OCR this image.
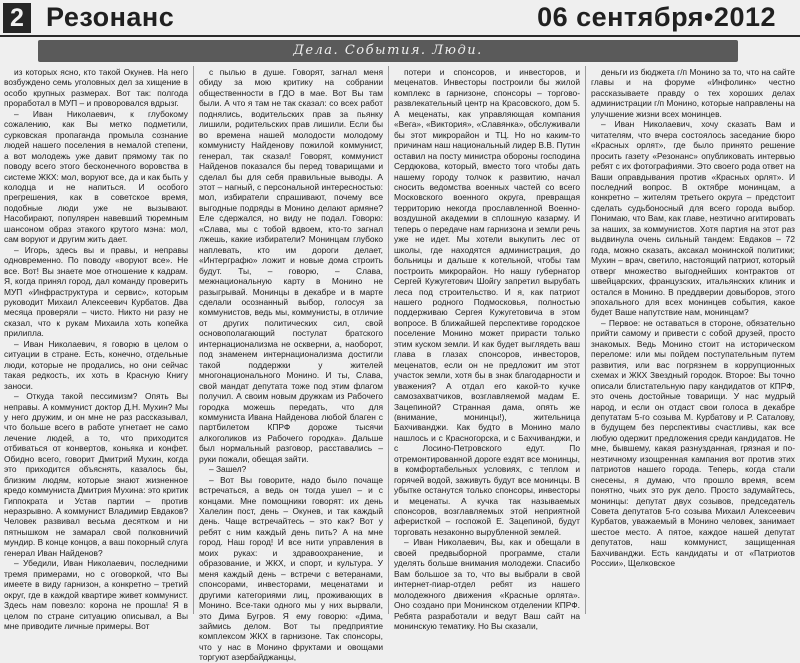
2 Резонанс	06 сентября•2012
Дела. События. Люди.

из которых ясно, кто такой Окунев. На него возбуждено семь уголовных дел за хищение в особо крупных размерах. Вот так: полгода проработал в МУП – и проворовался вдрызг.

– Иван Николаевич, к глубокому сожалению, как Вы метко подметили, сурковская пропаганда промыла сознание людей нашего поселения в немалой степени, а вот молодежь уже давит прямому так по поводу всего этого бесконечного воровства в системе ЖКХ: мол, воруют все, да и как быть у колодца и не напиться. И особого прегрешения, как в советское время, подобные люди уже не вызывают. Насобирают, популярен навевший тюремным шансоном образ этакого крутого мэна: мол, сам воруют и другим жить дает.

– Игорь, здесь вы и правы, и неправы одновременно. По поводу «воруют все». Не все. Вот! Вы знаете мое отношение к кадрам. Я, когда принял город, дал команду проверить МУП «Инфраструктура и сервис», которым руководит Михаил Алексеевич Курбатов. Два месяца проверяли – чисто. Никто ни разу не сказал, что к рукам Михаила хоть копейка прилипла.

– Иван Николаевич, я говорю в целом о ситуации в стране. Есть, конечно, отдельные люди, которые не продались, но они сейчас такая редкость, их хоть в Красную Книгу заноси.

– Откуда такой пессимизм? Опять Вы неправы. А коммунист доктор Д.Н. Мухин? Мы у него дружим, и он мне не раз рассказывал, что больше всего в работе угнетает не само лечение людей, а то, что приходится отбиваться от конвертов, коньяка и конфет. Обидно всего, говорит Дмитрий Мухин, когда это приходится объяснять, казалось бы, близким людям, которые знают жизненное кредо коммуниста Дмитрия Мухина: это критик Гиппократа и Устав партии – против неразрывно. А коммунист Владимир Евдаков? Человек развивал весьма десятком и ни пятнышком не замарал свой полковничий мундир. В конце концов, а ваш покорный слуга генерал Иван Найденов?

– Убедили, Иван Николаевич, последними тремя примерами, но с оговоркой, что Вы имеете в виду гарнизон, а конкретно – третий округ, где в каждой квартире живет коммунист. Здесь нам повезло: корона не прошла! Я в целом по стране ситуацию описывал, а Вы мне приводите личные примеры. Вот

с пылью в душе. Говорят, загнал меня обиду за мою критику на собрании общественности в ГДО в мае. Вот Вы там были. А что я там не так сказал: со всех работ поднялись, водительских прав за пьянку лишили, родительских прав лишили. Если бы во времена нашей молодости молодому коммунисту Найденову пожилой коммунист, генерал, так сказал! Говорят, коммунист Найденов показался бы перед товарищами и сделал бы для себя правильные выводы. А этот – нагный, с персональной интересностью: мол, избиратели спрашивают, почему все выгодные подряды в Монино делают армяне? Еле сдержался, но виду не подал. Говорю: «Слава, мы с тобой вдвоем, кто-то загнал лжешь, какие избиратели? Монинцам глубоко наплевать, кто им дороги делает, «Интерграфю» ложит и новые дома строить будут. Ты, – говорю, – Слава, межнациональную карту в Монино не разыгрывай. Монинцы в декабре и в марте сделали осознанный выбор, голосуя за коммунистов, ведь мы, коммунисты, в отличие от других политических сил, свой основополагающий постулат братского интернационализма не оскверни, а, наоборот, под знаменем интернационализма достигли такой поддержки у жителей многонационального Монино. И ты, Слава, свой мандат депутата тоже под этим флагом получил. А своим новым дружкам из Рабочего городка можешь передать, что для коммуниста Ивана Найденова любой благен с партбилетом КПРФ дороже тысячи алкоголиков из Рабочего городка». Дальше был нормальный разговор, расставались – руки пожали, обещая зайти.

– Зашел?

– Вот Вы говорите, надо было почаще встречаться, а ведь он тогда ушел – и с концами. Мне помощники говорят: их день Халелин пост, день – Окунев, и так каждый день. Чаще встречайтесь – это как? Вот у ребят с ним каждый день пить? А на мне город. Наш город! И все нити управления в моих руках: и здравоохранение, и образование, и ЖКХ, и спорт, и культура. У меня каждый день – встречи с ветеранами, спонсорами, инвесторами, меценатами и другими категориями лиц, проживающих в Монино. Все-таки одного мы у них вырвали, это Дима Бугров. Я ему говорю: «Дима, займись делом. Вот ты предприятие комплексом ЖКХ в гарнизоне. Так спонсоры, что у нас в Монино фруктами и овощами торгуют азербайджанцы,

потери и спонсоров, и инвесторов, и меценатов. Инвесторы построили бы жилой комплекс в гарнизоне, спонсоры – торгово-развлекательный центр на Красовского, дом 5. А меценаты, как управляющая компания «Вега», «Виктория», «Славянка», обслуживали бы этот микрорайон и ТЦ. Но но каким-то причинам наш национальный лидер В.В. Путин оставил на посту министра обороны господина Сердюкова, который, вместо того чтобы дать нашему городу толчок к развитию, начал сносить ведомства военных частей со всего Московского военного округа, превращая территорию некогда прославленной Военно-воздушной академии в сплошную казарму. И теперь о передаче нам гарнизона и земли речь уже не идет. Мы хотели выкупить лес от школы, где находятся администрация, до больницы и дальше к котельной, чтобы там построить микрорайон. Но нашу губернатор Сергей Кужугетович Шойгу запретил вырубать леса под строительство. И я, как патриот нашего родного Подмосковья, полностью поддерживаю Сергея Кужугетовича в этом вопросе. В ближайшей перспективе городское поселение Монино может прирасти только этим куском земли. И как будет выглядеть ваш глава в глазах спонсоров, инвесторов, меценатов, если он не предложит им этот участок земли, хотя бы в знак благодарности и уважения? А отдал его какой-то кучке самозахватчиков, возглавляемой мадам Е. Зацепиной? Странная дама, опять же (внимание, монинцы!), жительница Бахчиванджи. Как будто в Монино мало нашлось и с Красногорска, и с Бахчиванджи, и с Лосино-Петровского едут. По отремонтированной дороге ездят все монинцы, в комфортабельных условиях, с теплом и горячей водой, заживуть будут все монинцы. В убытке останутся только спонсоры, инвесторы и меценаты. А кучка так называемых спонсоров, возглавляемых этой неприятной аферисткой – госпожой Е. Зацепиной, будут торговать незаконно вырубленной землей.

– Иван Николаевич, Вы, как и обещали в своей предвыборной программе, стали уделять больше внимания молодежи. Спасибо Вам большое за то, что вы выбрали в свой интернет-пиар-отдел ребят из нашего молодежного движения «Красные орлята». Оно создано при Монинском отделении КПРФ. Ребята разработали и ведут Ваш сайт на монинскую тематику. Но Вы сказали,

деньги из бюджета г/п Монино за то, что на сайте главы и на форуме «Инфолинк» честно рассказываете правду о тех хороших делах администрации г/п Монино, которые направлены на улучшение жизни всех монинцев.

– Иван Николаевич, хочу сказать Вам и читателям, что вчера состоялось заседание бюро «Красных орлят», где было принято решение просить газету «Резонанс» опубликовать интервью ребят с их фотографиями. Это своего рода ответ на Ваши оправдывания против «Красных орлят». И последний вопрос. В октябре монинцам, а конкретно – жителям третьего округа – предстоит сделать судьбоносный для всего города выбор. Понимаю, что Вам, как главе, неэтично агитировать за наших, за коммунистов. Хотя партия на этот раз выдвинула очень сильный тандем: Евдаков – 72 года, можно сказать, аксакал монинской политики; Мухин – врач, светило, настоящий патриот, который отверг множество выгоднейших контрактов от швейцарских, французских, итальянских клиник и остался в Монино. В преддверии довыборов, этого эпохального для всех монинцев события, какое будет Ваше напутствие нам, монинцам?

– Первое: не оставаться в стороне, обязательно прийти самому и привести с собой друзей, просто знакомых. Ведь Монино стоит на историческом переломе: или мы пойдем поступательным путем развития, или вас погрязнем в коррупционных схемах и ЖКХ Звездный городок. Второе: Вы точно описали блистательную пару кандидатов от КПРФ, это очень достойные товарищи. У нас мудрый народ, и если он отдаст свои голоса в декабре депутатам 5-го созыва М. Курбатову и Р. Саталову, в будущем без перспективы счастливы, как все любую одержит предложения среди кандидатов. Не мне, бывшему, какая разнузданная, грязная и по-неэтичному изощренная кампания вот против этих патриотов нашего города. Теперь, когда стали снесены, я думаю, что прошло время, всем понятно, чьих это рук дело. Просто задумайтесь, монинцы: депутат двух созывов, председатель Совета депутатов 5-го созыва Михаил Алексеевич Курбатов, уважаемый в Монино человек, занимает шестое место. А пятое, каждое нашей депутат депутатов, наш коммунист, защищенная Бахчиванджи. Есть кандидаты и от «Патриотов России», Щелковское
